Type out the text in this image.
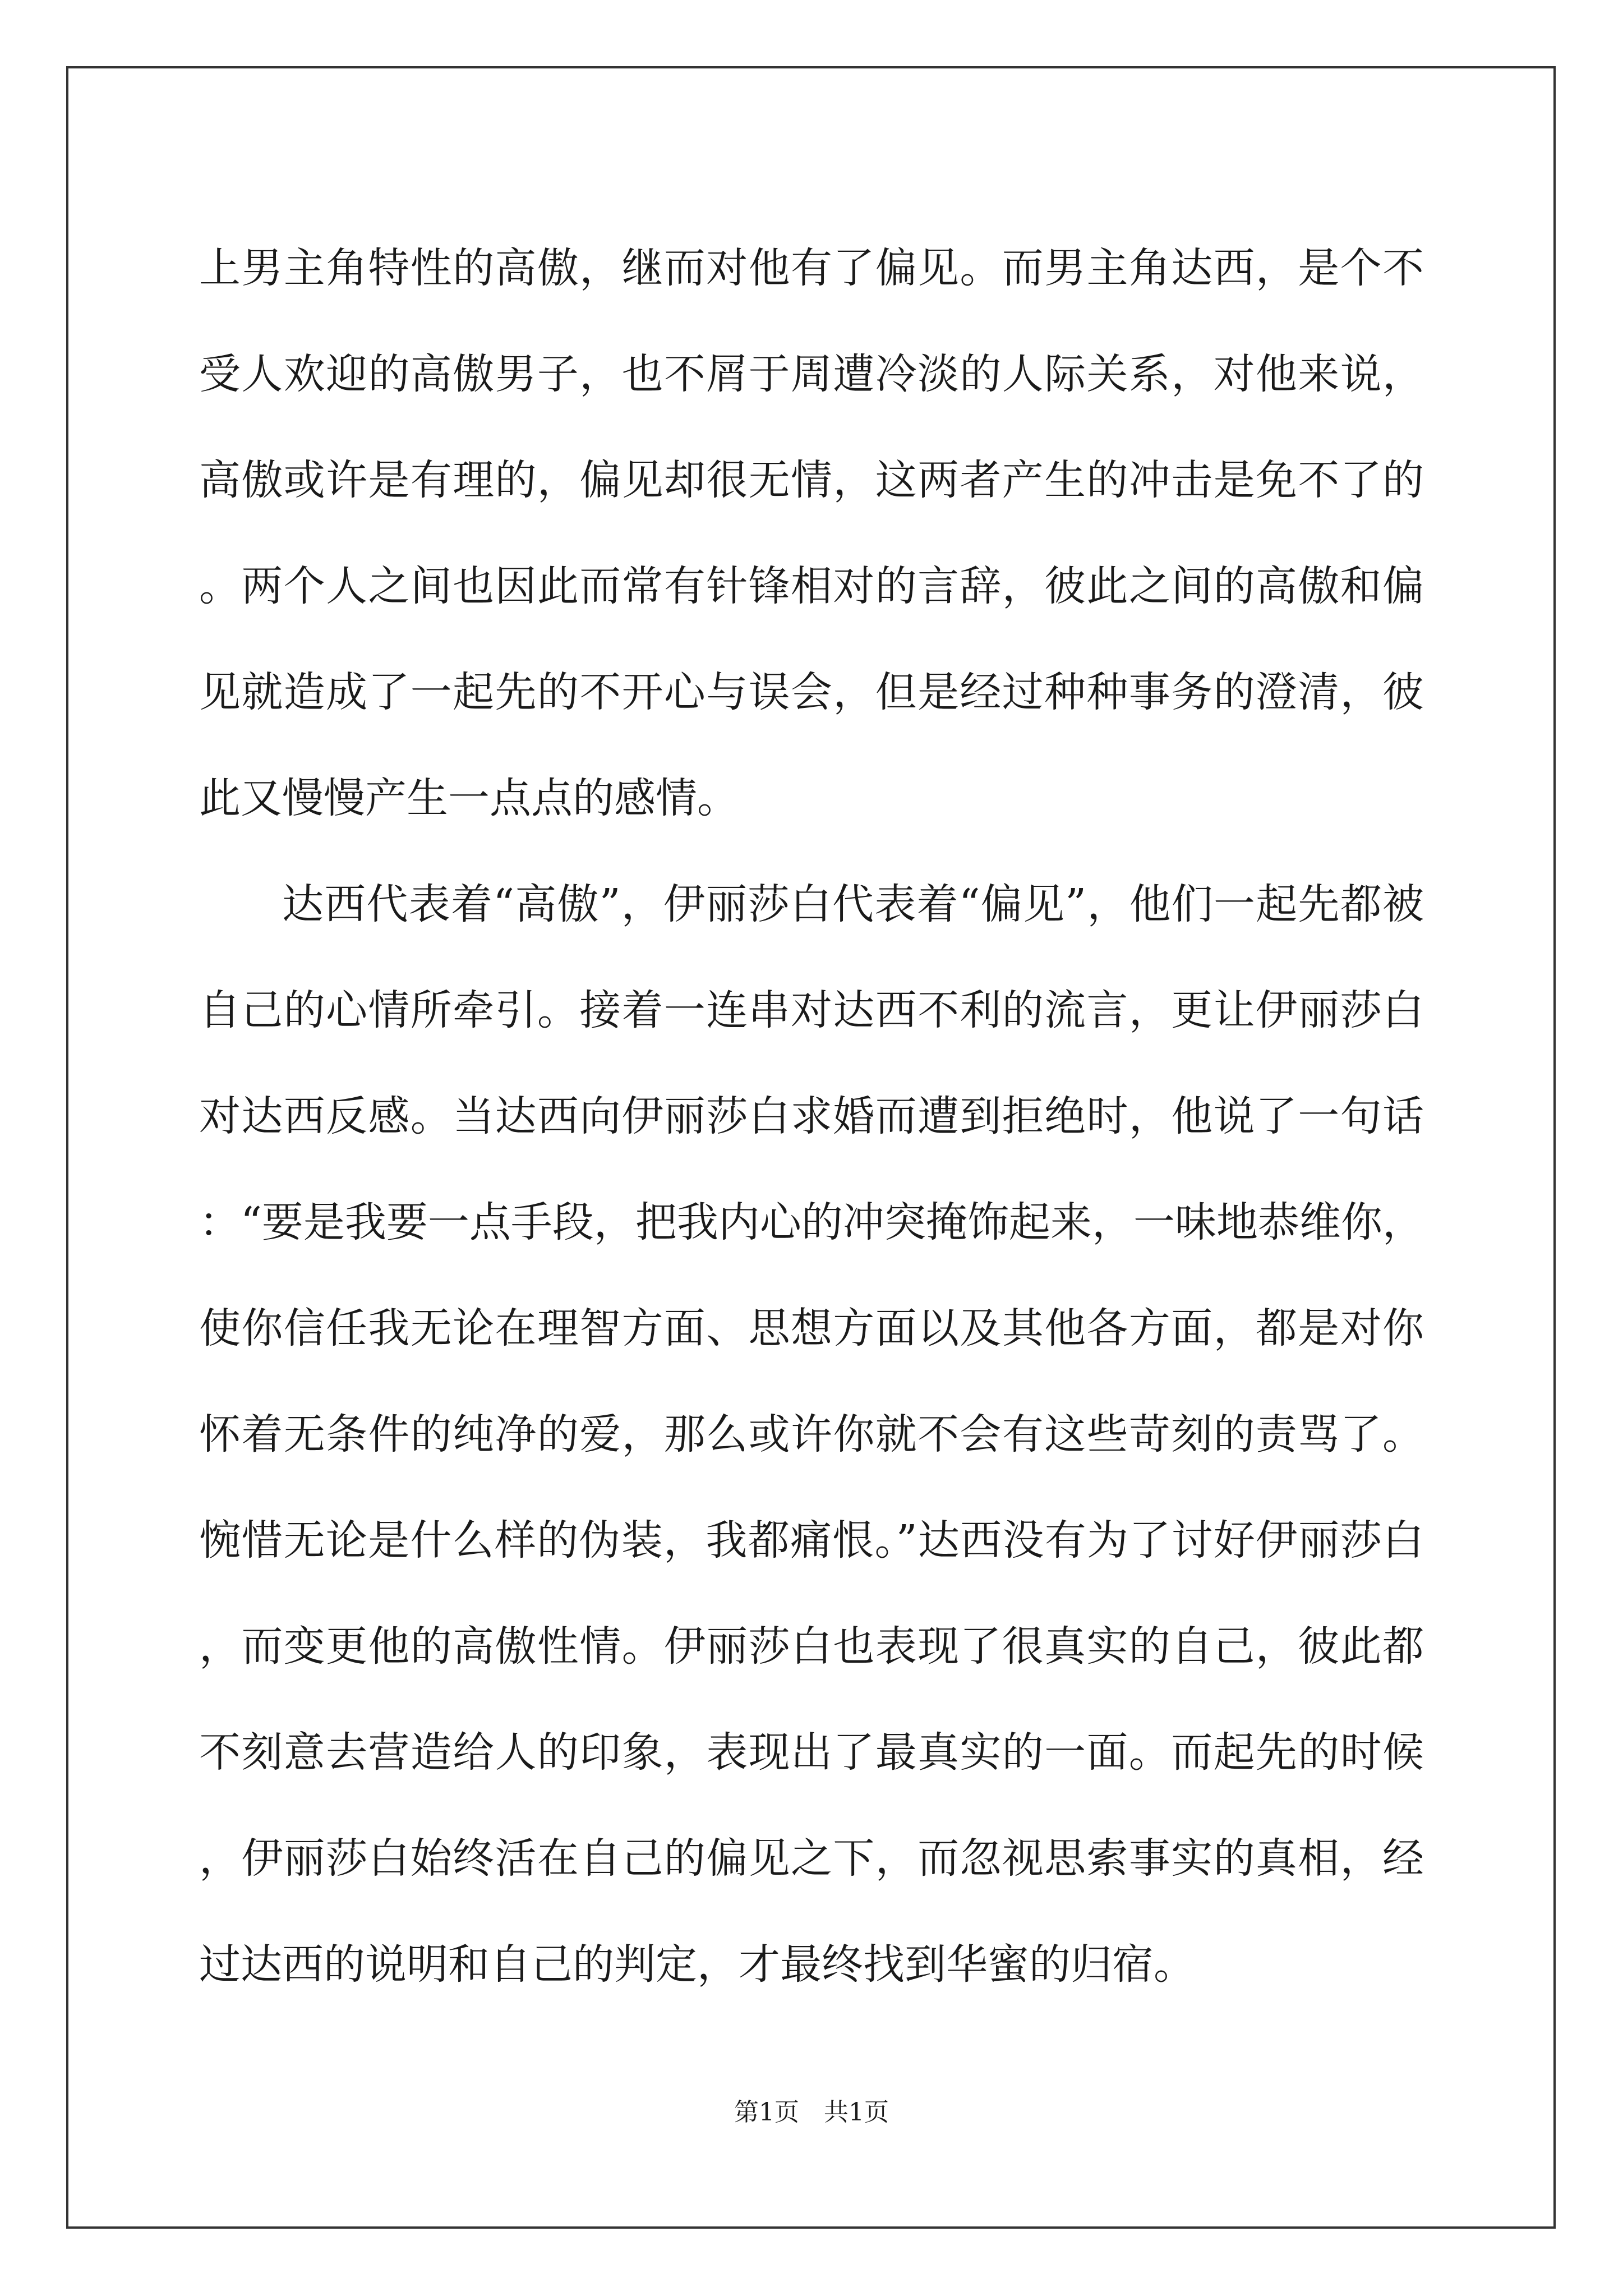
上男主角特性的高傲，继而对他有了偏见。而男主角达西，是个不受人欢迎的高傲男子，也不屑于周遭冷淡的人际关系，对他来说，高傲或许是有理的，偏见却很无情，这两者产生的冲击是免不了的。两个人之间也因此而常有针锋相对的言辞，彼此之间的高傲和偏见就造成了一起先的不开心与误会，但是经过种种事务的澄清，彼此又慢慢产生一点点的感情。

达西代表着“高傲”，伊丽莎白代表着“偏见”，他们一起先都被自己的心情所牵引。接着一连串对达西不利的流言，更让伊丽莎白对达西反感。当达西向伊丽莎白求婚而遭到拒绝时，他说了一句话：“要是我要一点手段，把我内心的冲突掩饰起来，一味地恭维你，使你信任我无论在理智方面、思想方面以及其他各方面，都是对你怀着无条件的纯净的爱，那么或许你就不会有这些苛刻的责骂了。惋惜无论是什么样的伪装，我都痛恨。”达西没有为了讨好伊丽莎白，而变更他的高傲性情。伊丽莎白也表现了很真实的自己，彼此都不刻意去营造给人的印象，表现出了最真实的一面。而起先的时候，伊丽莎白始终活在自己的偏见之下，而忽视思索事实的真相，经过达西的说明和自己的判定，才最终找到华蜜的归宿。

第1页　共1页
